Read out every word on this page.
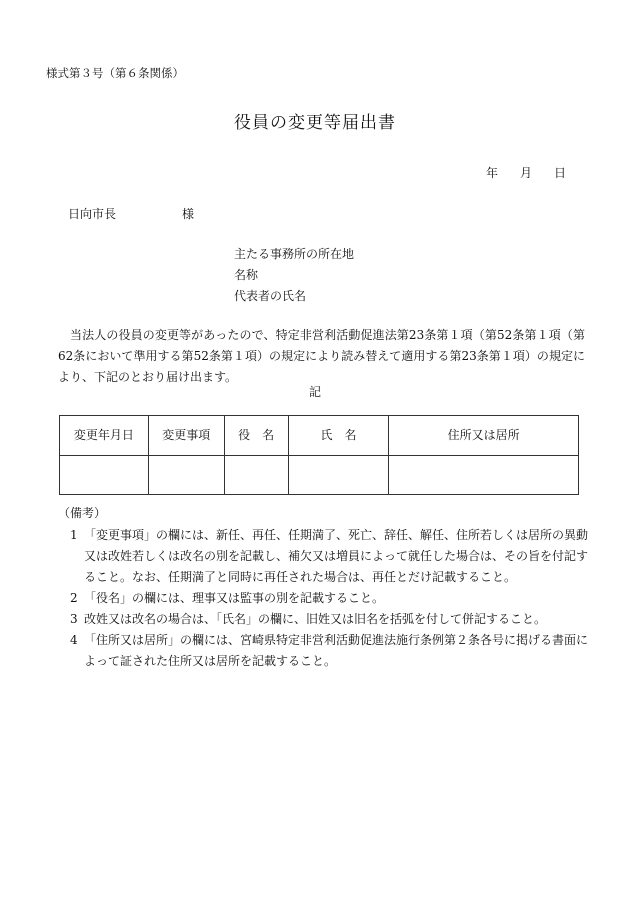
様式第３号（第６条関係）
役員の変更等届出書
年 月 日
日向市長	様
主たる事務所の所在地
名称
代表者の氏名
当法人の役員の変更等があったので、特定非営利活動促進法第23条第１項（第52条第１項（第62条において準用する第52条第１項）の規定により読み替えて適用する第23条第１項）の規定により、下記のとおり届け出ます。
記
変更年月日	変更事項	役　名	氏　名	住所又は居所

（備考）
1 「変更事項」の欄には、新任、再任、任期満了、死亡、辞任、解任、住所若しくは居所の異動又は改姓若しくは改名の別を記載し、補欠又は増員によって就任した場合は、その旨を付記すること。なお、任期満了と同時に再任された場合は、再任とだけ記載すること。
2 「役名」の欄には、理事又は監事の別を記載すること。
3 改姓又は改名の場合は、「氏名」の欄に、旧姓又は旧名を括弧を付して併記すること。
4 「住所又は居所」の欄には、宮崎県特定非営利活動促進法施行条例第２条各号に掲げる書面によって証された住所又は居所を記載すること。
